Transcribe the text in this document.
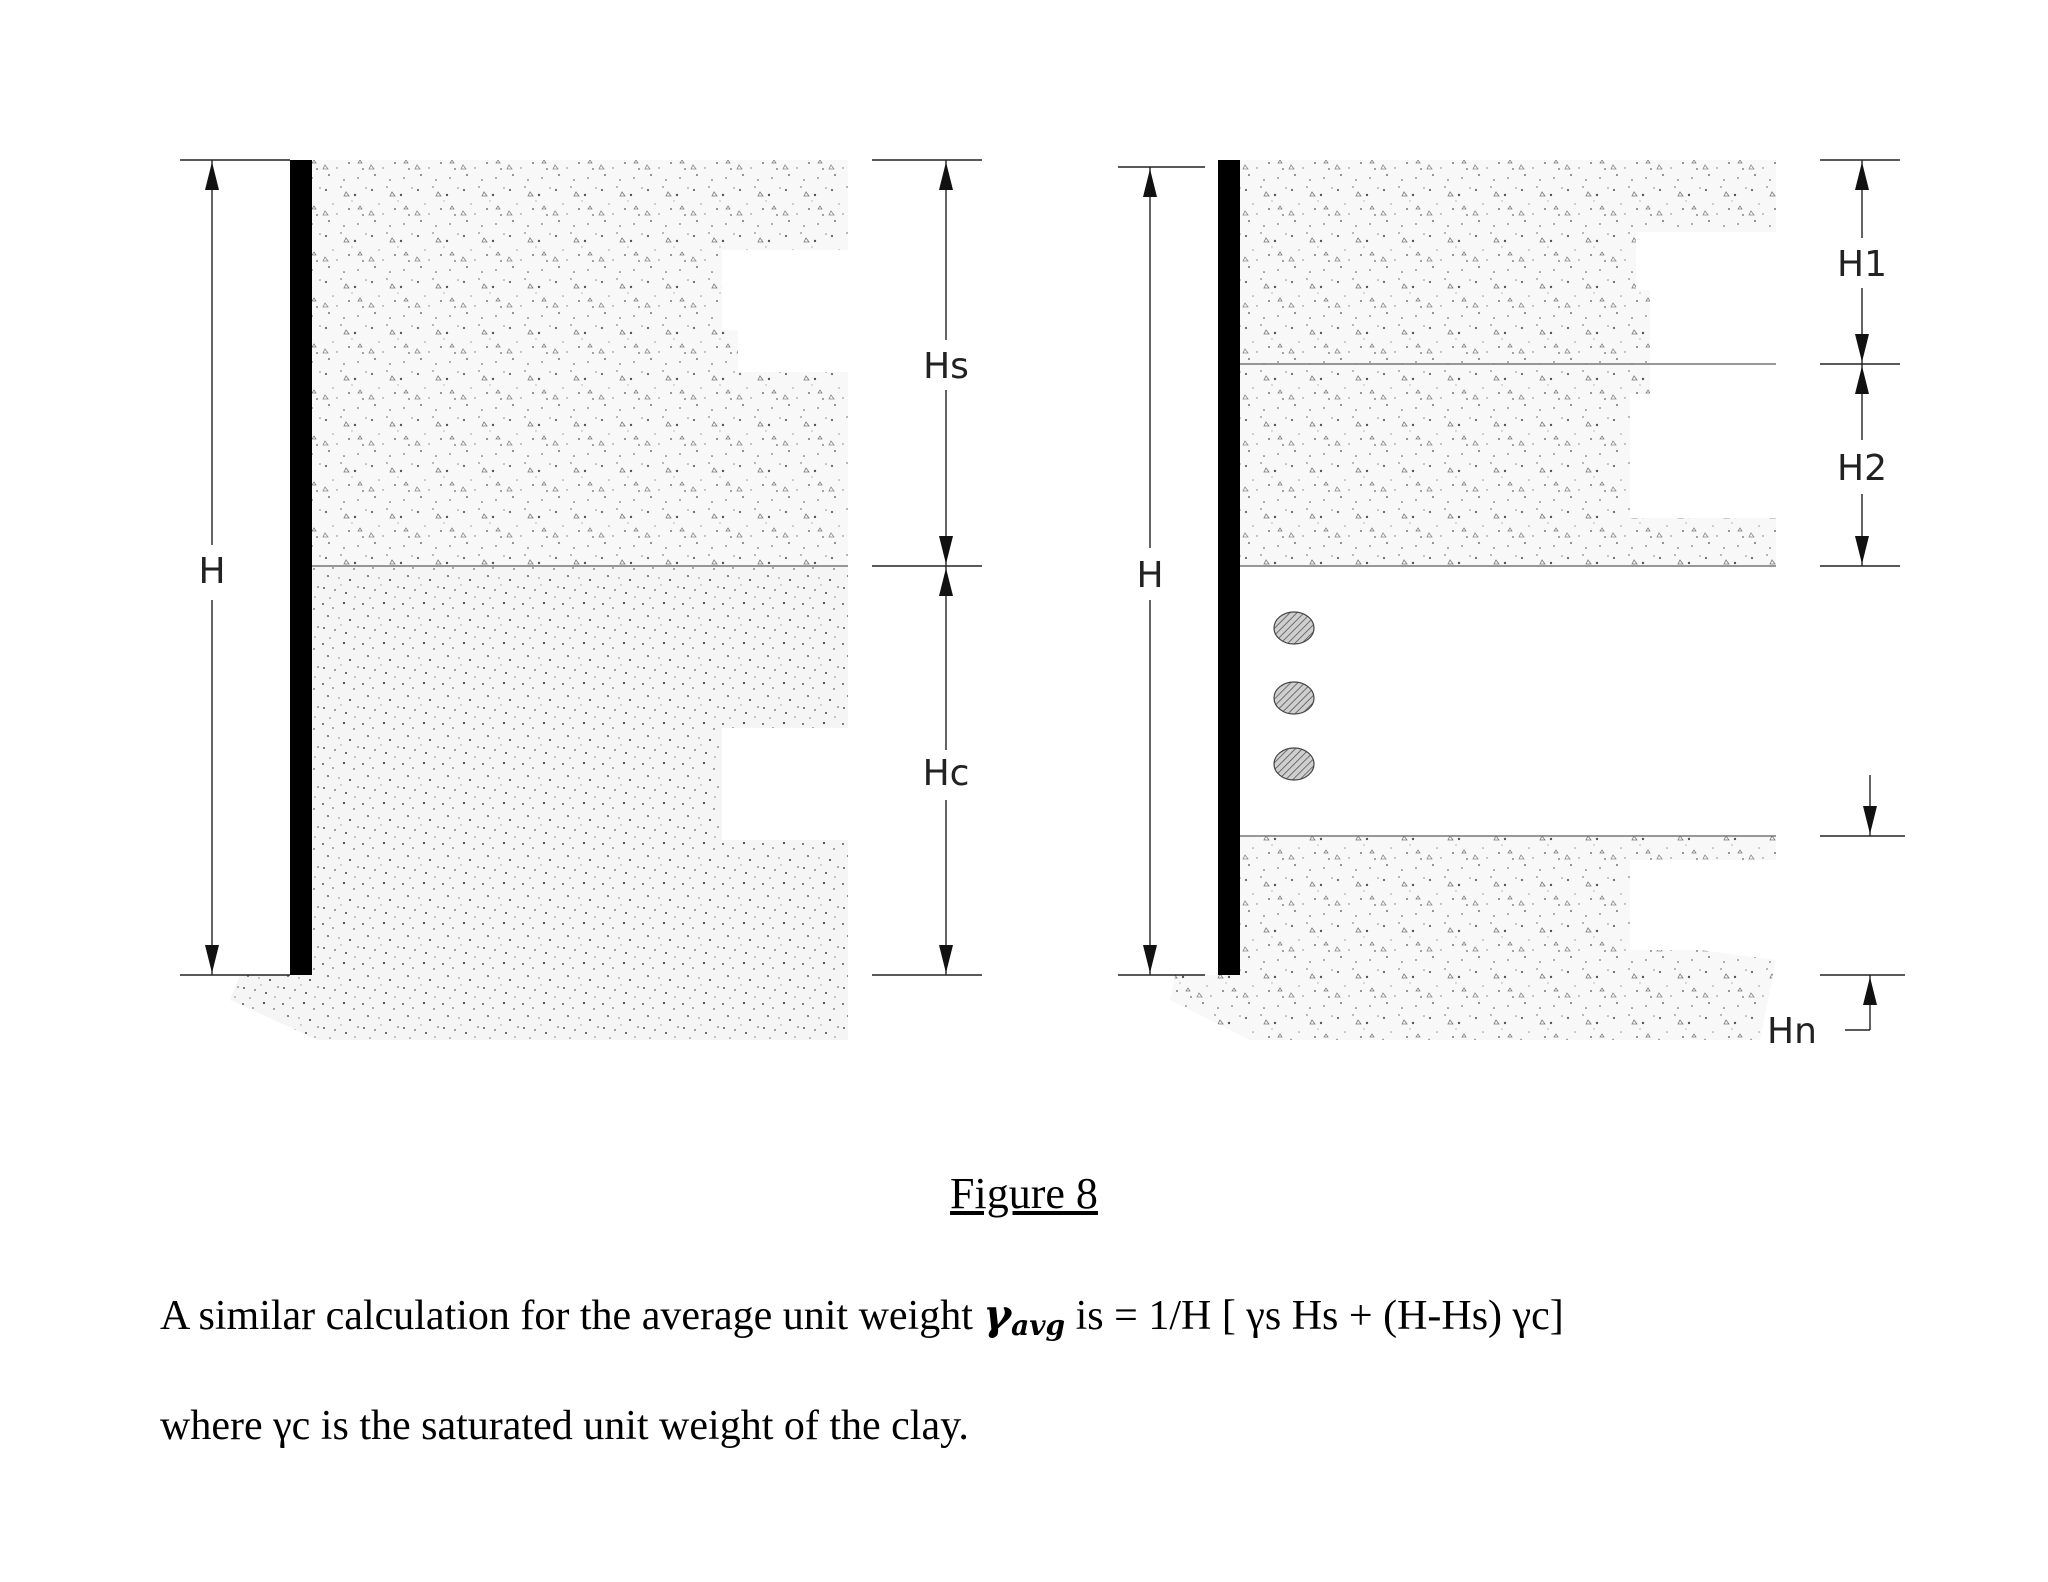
H
Hs
Hc
H
H1
H2
Hn
Figure 8
A similar calculation for the average unit weight γavg is = 1/H [ γs Hs + (H-Hs) γc]
where γc is the saturated unit weight of the clay.
